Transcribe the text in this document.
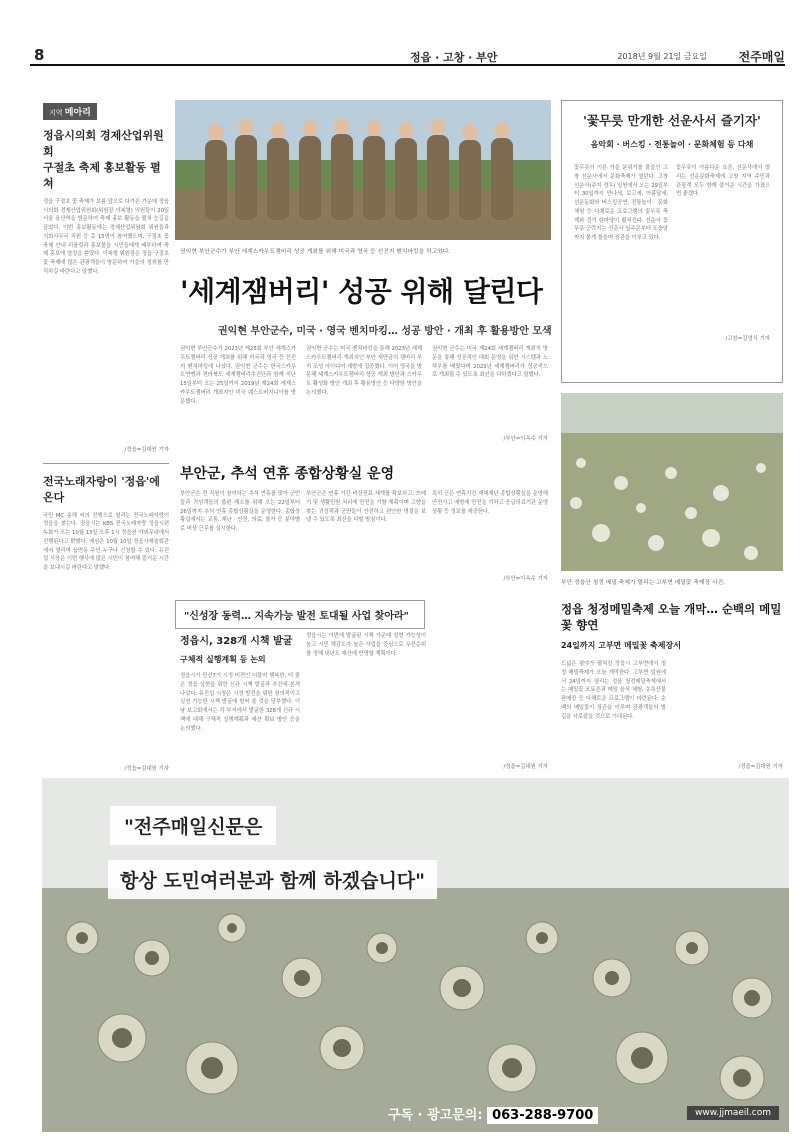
8	정읍 · 고창 · 부안	2018년 9월 21일 금요일	전주매일
지역 메아리
정읍시의회 경제산업위원회
구절초 축제 홍보활동 펼쳐
정읍 구절초 꽃 축제가 보름 앞으로 다가온 가운데 정읍시의회 경제산업위원회(위원장 이복형) 의원들이 20일 서울 용산역을 방문하여 축제 홍보 활동을 펼쳐 눈길을 끌었다. 이번 홍보활동에는 경제산업위원회 위원들과 의회사무국 직원 등 총 15명이 참여했으며, 구절초 꽃 축제 안내 리플릿과 홍보물을 시민들에게 배부하며 축제 홍보에 열정을 쏟았다. 이복형 위원장은 정읍 구절초 꽃 축제에 많은 관광객들이 방문하여 가을의 정취를 만끽하길 바란다고 말했다.
/정읍=김대원 기자
전국노래자랑이 '정읍'에 온다
국민 MC 송해 씨의 진행으로 열리는 전국노래자랑이 정읍을 찾는다. 정읍시는 KBS 전국노래자랑 정읍시편 녹화가 오는 10월 13일 오후 1시 정읍천 야외무대에서 진행된다고 밝혔다. 예심은 10월 10일 정읍사예술회관에서 열리며 읍면동 주민 누구나 신청할 수 있다. 유진섭 시장은 이번 행사에 많은 시민이 참여해 즐거운 시간을 보내시길 바란다고 말했다.
/정읍=김대원 기자
권익현 부안군수가 부안 세계스카우트잼버리 성공 개최를 위해 미국과 영국 등 선진지 벤치마킹을 하고있다.
'세계잼버리' 성공 위해 달린다
권익현 부안군수, 미국 · 영국 벤치마킹… 성공 방안 · 개최 후 활용방안 모색
권익현 부안군수가 2023년 제25회 부안 세계스카우트잼버리 성공 개최를 위해 미국과 영국 등 선진지 벤치마킹에 나섰다. 권익현 군수는 한국스카우트연맹과 전라북도 세계잼버리추진단과 함께 지난 15일부터 오는 25일까지 2019년 제24회 세계스카우트잼버리 개최지인 미국 웨스트버지니아를 방문했다.
권익현 군수는 미국 벤치마킹을 통해 2023년 세계스카우트잼버리 개최지인 부안 새만금의 잼버리 부지 조성 아이디어 개발에 집중했다. 이어 영국을 방문해 세계스카우트잼버리 성공 개최 방안과 스카우트 활성화 방안 개최 후 활용방안 등 다양한 방안을 논의했다.
권익현 군수는 미국 제24회 세계잼버리 개최지 방문을 통해 성공적인 대회 운영을 위한 시스템과 노하우를 배웠다며 2023년 세계잼버리가 성공적으로 개최될 수 있도록 최선을 다하겠다고 말했다.
/부안=이옥수 기자
'꽃무릇 만개한 선운사서 즐기자'
음악회 · 버스킹 · 전통놀이 · 문화체험 등 다채
꽃무릇이 이른 가을 분위기를 물들인 고창 선운사에서 문화축제가 열린다. 고창 선운사(주지 경우) 일원에서 오는 29일부터 30일까지 만나세, 보고세, 아름답세, 선운동화와 버스킹공연, 전통놀이 · 문화체험 등 다채로운 프로그램의 꽃무릇 축제와 걷기 한마당이 펼쳐진다. 선운사 꽃무릇 군락지는 선운사 일주문부터 도솔암까지 붉게 물들며 장관을 이루고 있다.
꽃무릇이 아름다운 요즘, 선운사에서 열리는 선운문화축제에 고창 지역 주민과 관광객 모두 함께 즐거운 시간을 가졌으면 좋겠다.
/고창=김영식 기자
부안 정읍산 청정 메밀 축제가 열리는 고부면 메밀꽃 축제장 사진.
부안군, 추석 연휴 종합상황실 운영
부안군은 전 직원이 참여하는 추석 연휴를 맞아 군민들과 귀성객들의 불편 해소를 위해 오는 22일부터 26일까지 추석 연휴 종합상황실을 운영한다. 종합상황실에서는 교통, 재난 · 안전, 의료, 물가 등 분야별로 비상 근무를 실시한다.
부안군은 연휴 기간 비상진료 체계를 확보하고, 쓰레기 및 생활민원 처리에 만전을 기할 계획이며 고향을 찾는 귀성객과 군민들이 안전하고 편안한 명절을 보낼 수 있도록 최선을 다할 방침이다.
특히 군은 연휴기간 재해재난 종합상황실을 운영해 안전사고 예방에 만전을 기하고 응급의료기관 운영 상황 등 정보를 제공한다.
/부안=이옥수 기자
"신성장 동력… 지속가능 발전 토대될 사업 찾아라"
정읍시, 328개 시책 발굴
구체적 실행계획 등 논의
정읍시가 민선7기 시정 비전인 더불어 행복한, 더 좋은 정읍 실현을 위한 신규 시책 발굴과 추진에 본격 나섰다. 유진섭 시장은 시정 발전을 위한 창의적이고 실천 가능한 시책 발굴에 힘써 줄 것을 당부했다. 이날 보고회에서는 각 부서에서 발굴한 328개 신규 시책에 대해 구체적 실행계획과 예산 확보 방안 등을 논의했다.
정읍시는 이번에 발굴된 시책 가운데 실현 가능성이 높고 시민 체감도가 높은 사업을 중심으로 우선순위를 정해 내년도 예산에 반영할 계획이다.
/정읍=김대원 기자
정읍 청정메밀축제 오늘 개막… 순백의 메밀꽃 향연
24일까지 고부면 메밀꽃 축제장서
드넓은 평야가 펼쳐진 정읍시 고부면에서 청정 메밀축제가 오늘 개막한다. 고부면 일원에서 24일까지 열리는 정읍 청정메밀축제에서는 메밀꽃 포토존과 메밀 음식 체험, 농특산물 판매장 등 다채로운 프로그램이 마련된다. 순백의 메밀꽃이 장관을 이루며 관광객들의 발길을 사로잡을 것으로 기대된다.
/정읍=김대원 기자
"전주매일신문은
항상 도민여러분과 함께 하겠습니다"
구독 · 광고문의: 063-288-9700	www.jjmaeil.com
